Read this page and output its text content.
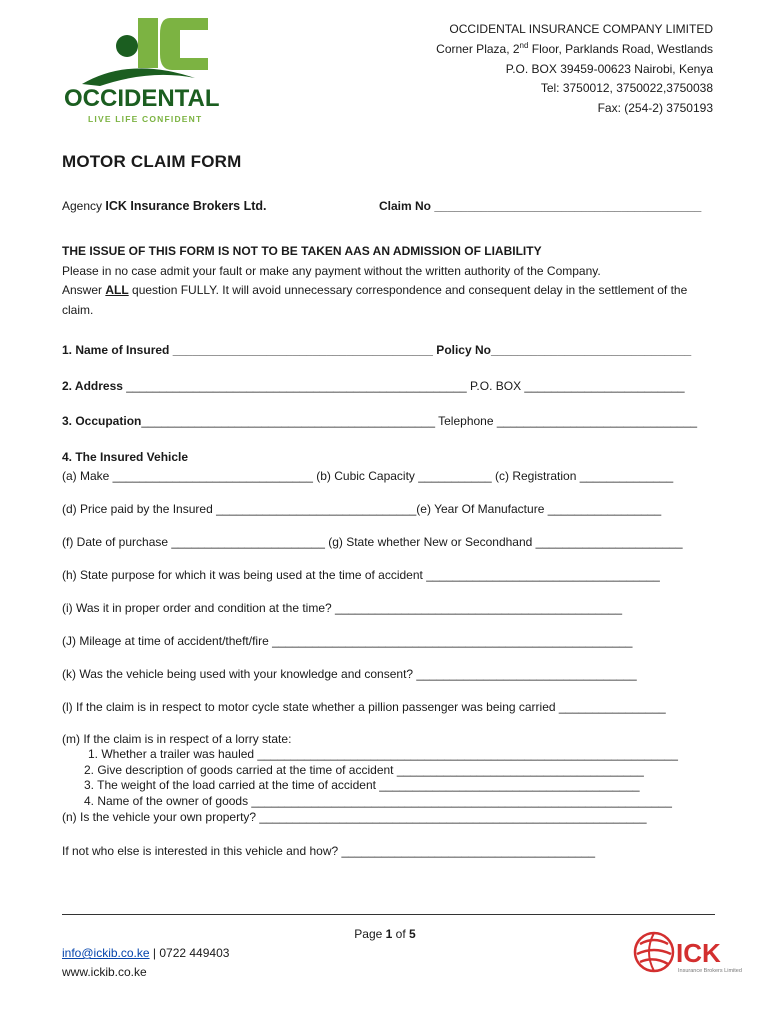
OCCIDENTAL
LIVE LIFE CONFIDENT
OCCIDENTAL INSURANCE COMPANY LIMITED
Corner Plaza, 2nd Floor, Parklands Road, Westlands
P.O. BOX 39459-00623 Nairobi, Kenya
Tel: 3750012, 3750022,3750038
Fax: (254-2) 3750193
MOTOR CLAIM FORM
Agency ICK Insurance Brokers Ltd.	Claim No ________________________________________
THE ISSUE OF THIS FORM IS NOT TO BE TAKEN AAS AN ADMISSION OF LIABILITY
Please in no case admit your fault or make any payment without the written authority of the Company.
Answer ALL question FULLY. It will avoid unnecessary correspondence and consequent delay in the settlement of the claim.
1. Name of Insured _______________________________________ Policy No______________________________
2. Address ___________________________________________________ P.O. BOX ________________________
3. Occupation____________________________________________ Telephone ______________________________
4. The Insured Vehicle
(a) Make ______________________________ (b) Cubic Capacity ___________ (c) Registration ______________
(d) Price paid by the Insured ______________________________(e) Year Of Manufacture _________________
(f) Date of purchase _______________________ (g) State whether New or Secondhand ______________________
(h) State purpose for which it was being used at the time of accident ___________________________________
(i) Was it in proper order and condition at the time? ___________________________________________
(J) Mileage at time of accident/theft/fire ______________________________________________________
(k) Was the vehicle being used with your knowledge and consent? _________________________________
(l) If the claim is in respect to motor cycle state whether a pillion passenger was being carried ________________
(m) If the claim is in respect of a lorry state:
1. Whether a trailer was hauled _______________________________________________________________
2. Give description of goods carried at the time of accident _____________________________________
3. The weight of the load carried at the time of accident _______________________________________
4. Name of the owner of goods _______________________________________________________________
(n) Is the vehicle your own property? __________________________________________________________
If not who else is interested in this vehicle and how? ______________________________________
Page 1 of 5
info@ickib.co.ke | 0722 449403
www.ickib.co.ke
ICK
Insurance Brokers Limited
